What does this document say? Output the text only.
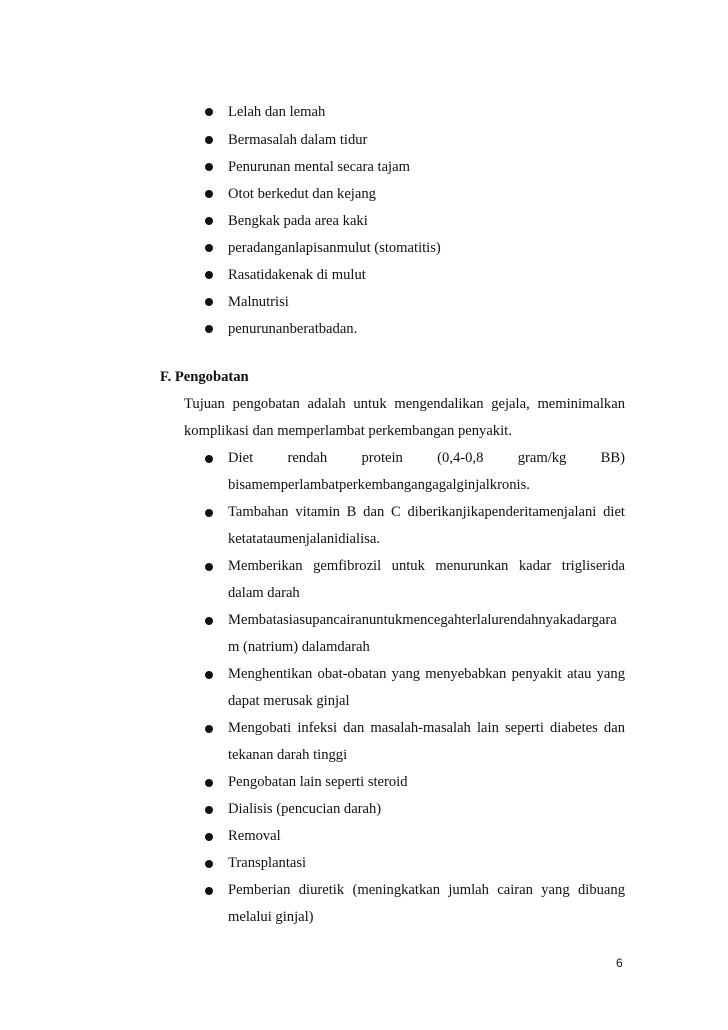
Lelah dan lemah
Bermasalah dalam tidur
Penurunan mental secara tajam
Otot berkedut dan kejang
Bengkak pada area kaki
peradanganlapisanmulut (stomatitis)
Rasatidakenak di mulut
Malnutrisi
penurunanberatbadan.
F. Pengobatan
Tujuan pengobatan adalah untuk mengendalikan gejala, meminimalkan
komplikasi dan memperlambat perkembangan penyakit.
Diet rendah protein (0,4-0,8 gram/kg BB)
bisamemperlambatperkembangangagalginjalkronis.
Tambahan vitamin B dan C diberikanjikapenderitamenjalani diet
ketatataumenjalanidialisa.
Memberikan gemfibrozil untuk menurunkan kadar trigliserida
dalam darah
Membatasiasupancairanuntukmencegahterlalurendahnyakadargara
m (natrium) dalamdarah
Menghentikan obat-obatan yang menyebabkan penyakit atau yang
dapat merusak ginjal
Mengobati infeksi dan masalah-masalah lain seperti diabetes dan
tekanan darah tinggi
Pengobatan lain seperti steroid
Dialisis (pencucian darah)
Removal
Transplantasi
Pemberian diuretik (meningkatkan jumlah cairan yang dibuang
melalui ginjal)
6
